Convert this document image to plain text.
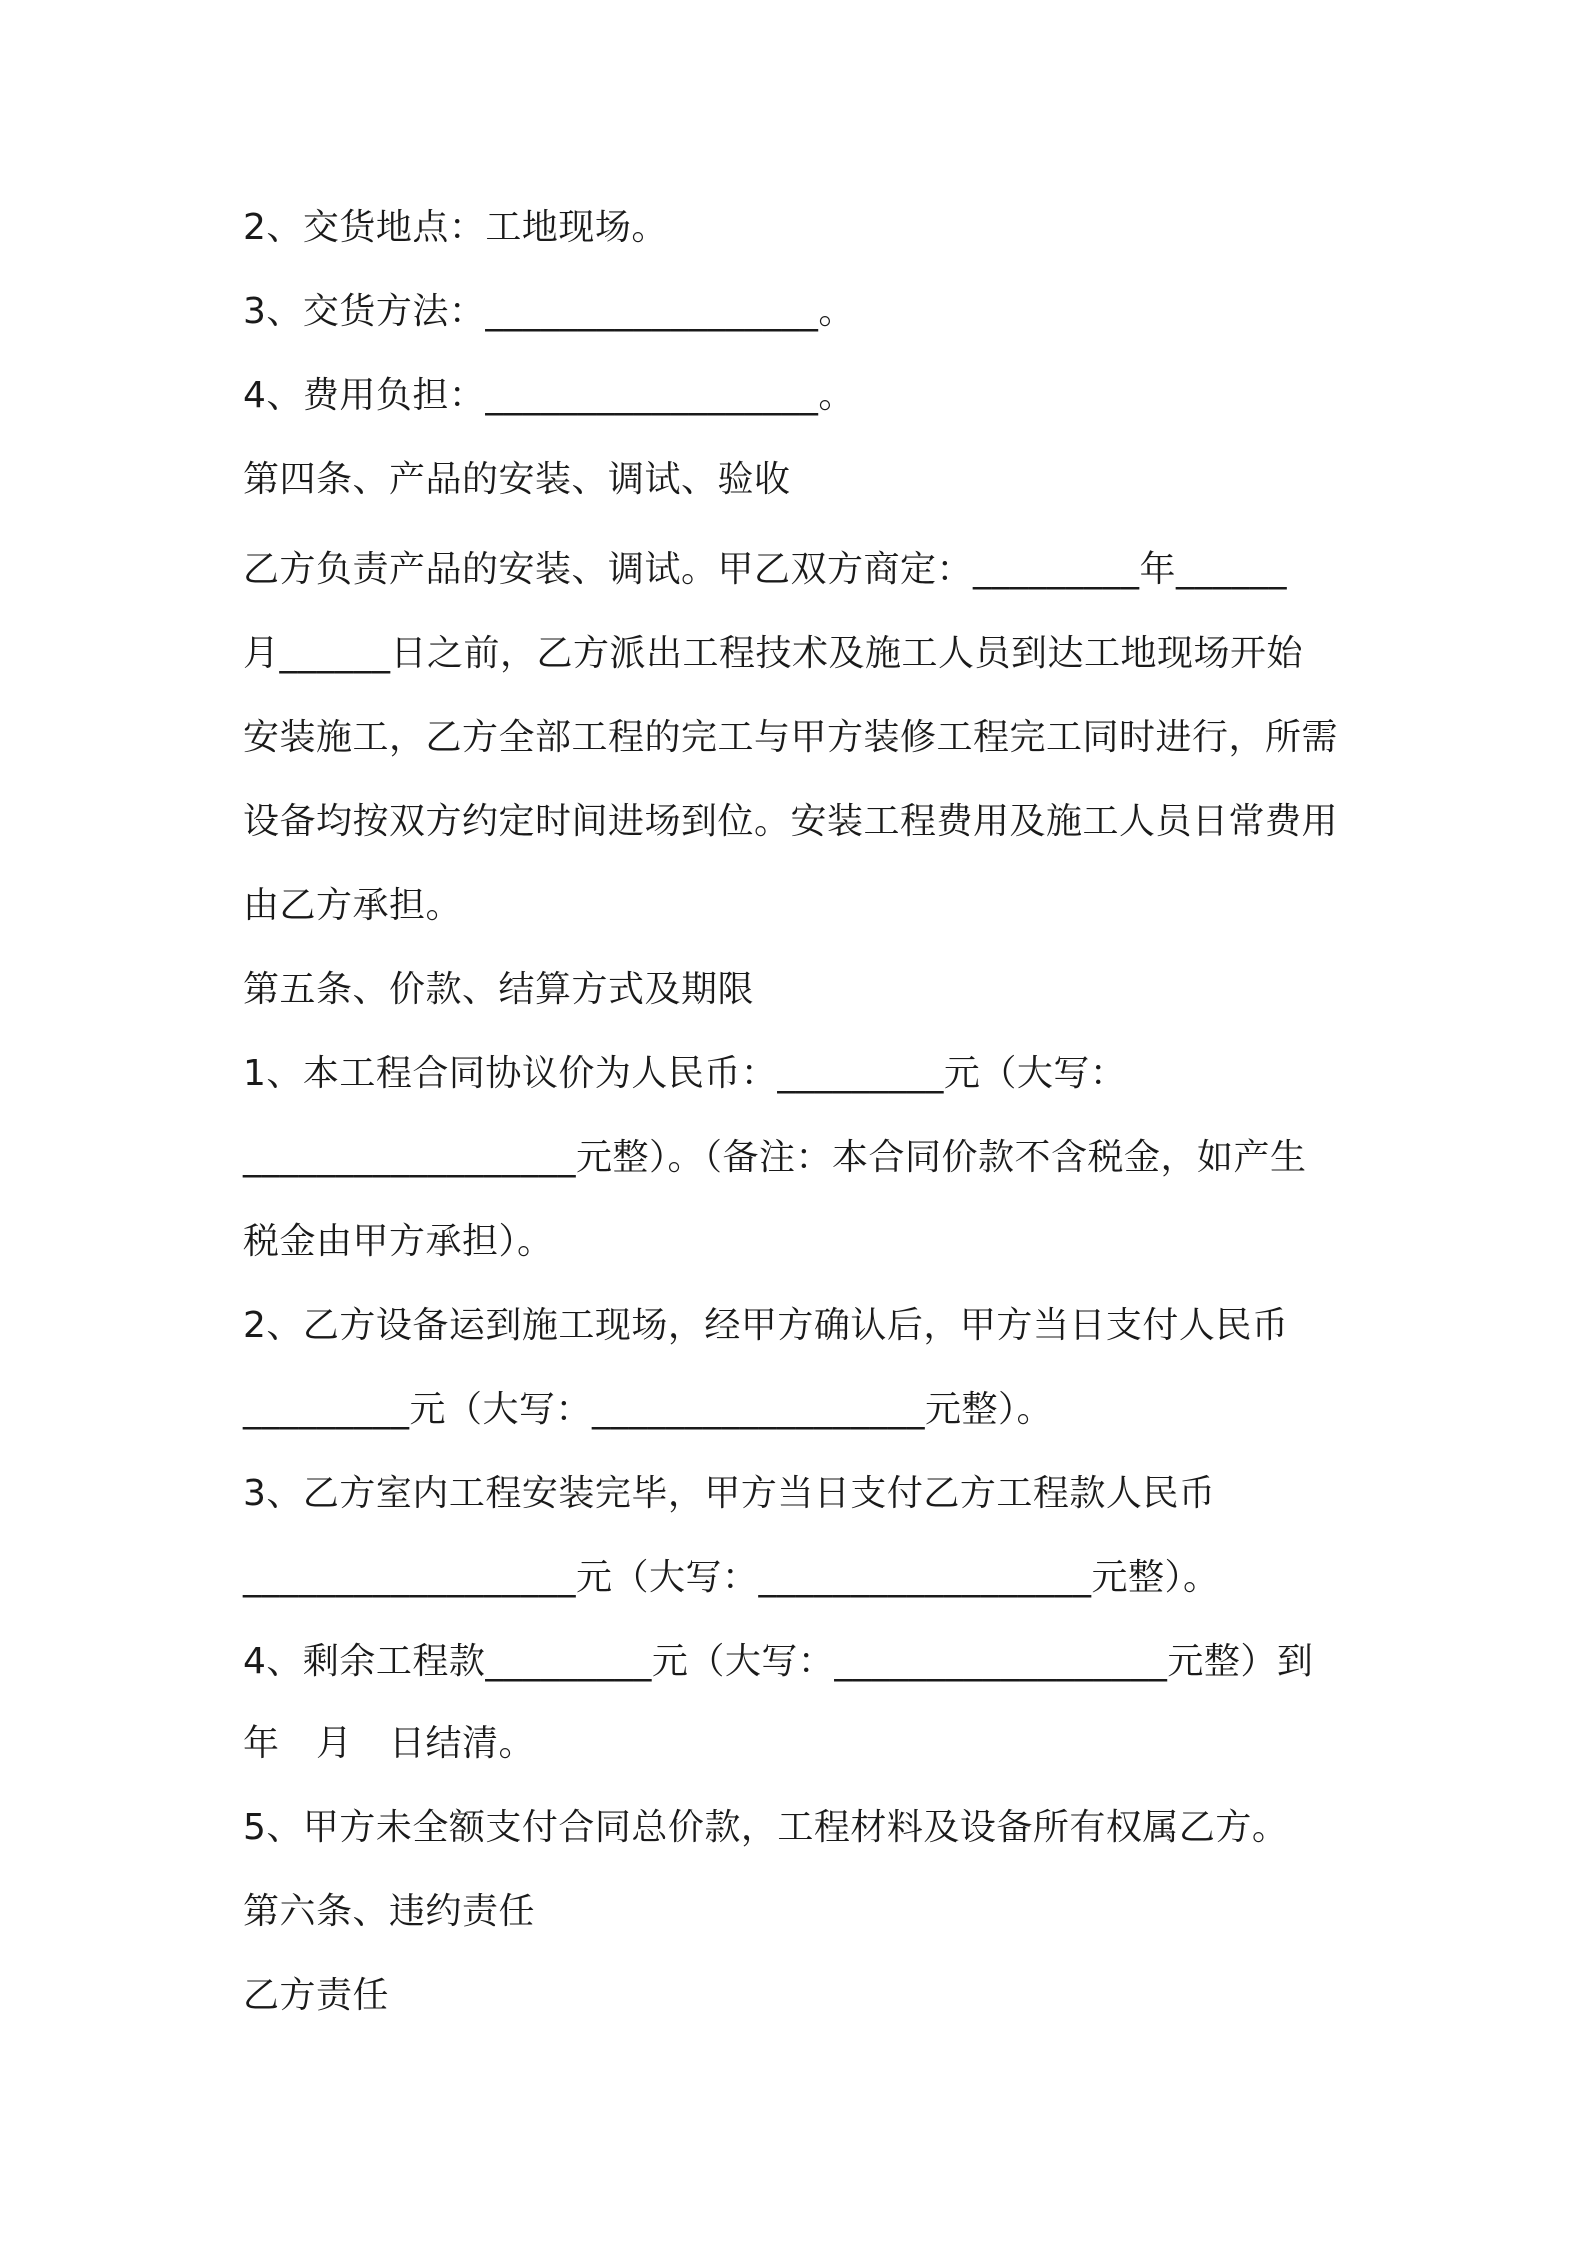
2、交货地点：工地现场。
3、交货方法：__________________。
4、费用负担：__________________。
第四条、产品的安装、调试、验收
乙方负责产品的安装、调试。甲乙双方商定：_________年______
月______日之前，乙方派出工程技术及施工人员到达工地现场开始
安装施工，乙方全部工程的完工与甲方装修工程完工同时进行，所需
设备均按双方约定时间进场到位。安装工程费用及施工人员日常费用
由乙方承担。
第五条、价款、结算方式及期限
1、本工程合同协议价为人民币：_________元（大写：
__________________元整）。（备注：本合同价款不含税金，如产生
税金由甲方承担）。
2、乙方设备运到施工现场，经甲方确认后，甲方当日支付人民币
_________元（大写：__________________元整）。
3、乙方室内工程安装完毕，甲方当日支付乙方工程款人民币
__________________元（大写：__________________元整）。
4、剩余工程款_________元（大写：__________________元整）到
年　月　日结清。
5、甲方未全额支付合同总价款，工程材料及设备所有权属乙方。
第六条、违约责任
乙方责任
